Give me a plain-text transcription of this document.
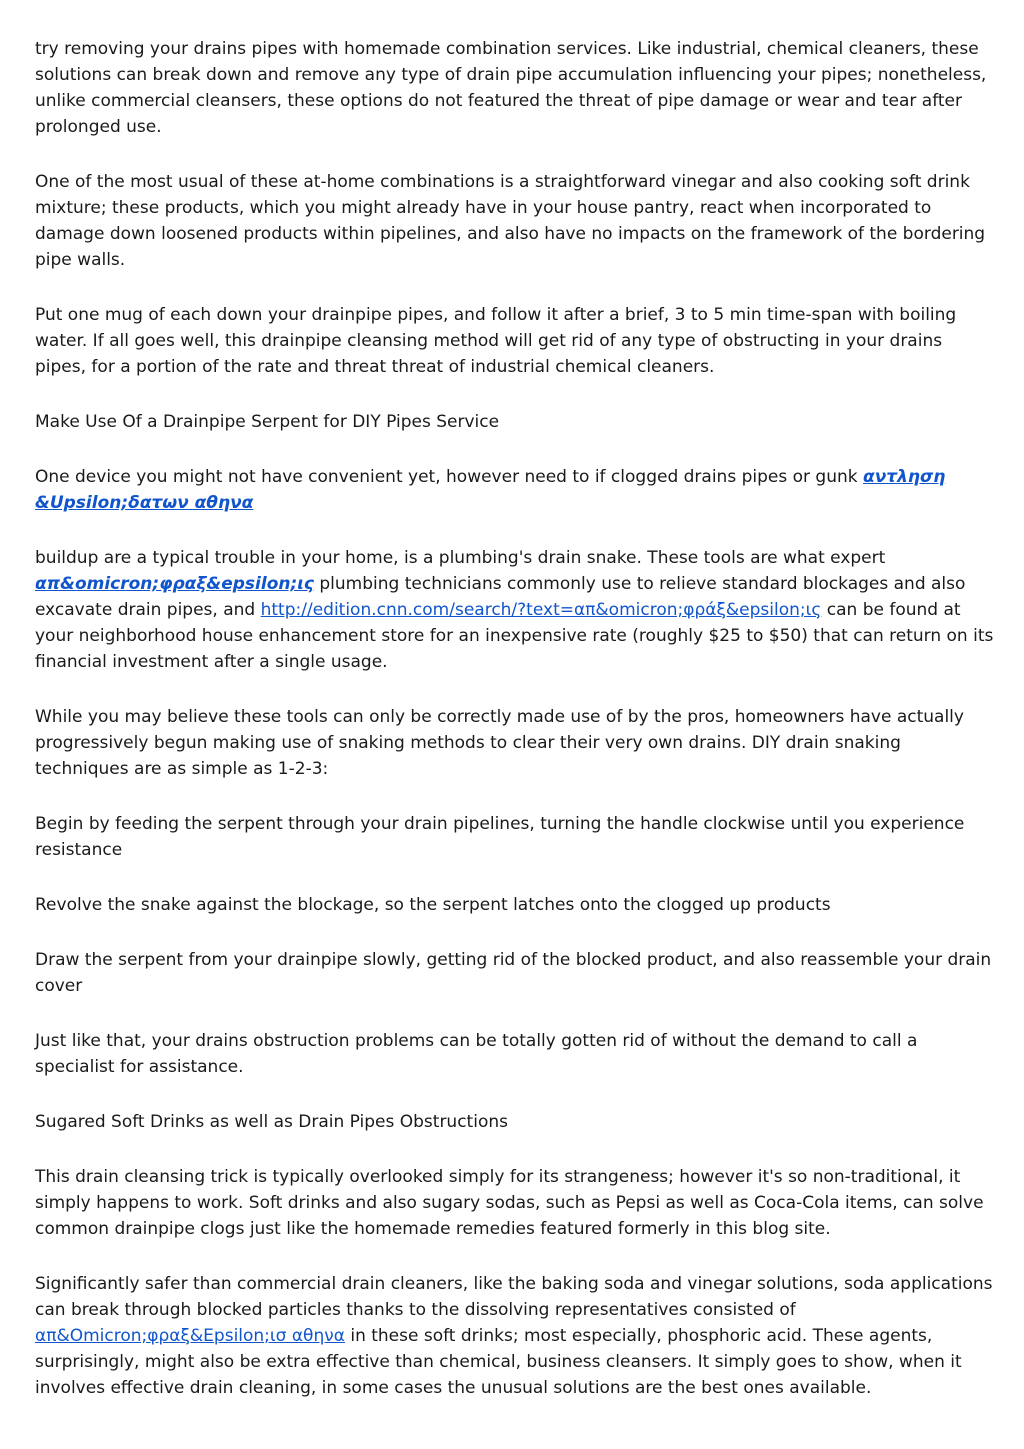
try removing your drains pipes with homemade combination services. Like industrial, chemical cleaners, these solutions can break down and remove any type of drain pipe accumulation influencing your pipes; nonetheless, unlike commercial cleansers, these options do not featured the threat of pipe damage or wear and tear after prolonged use.

One of the most usual of these at-home combinations is a straightforward vinegar and also cooking soft drink mixture; these products, which you might already have in your house pantry, react when incorporated to damage down loosened products within pipelines, and also have no impacts on the framework of the bordering pipe walls.

Put one mug of each down your drainpipe pipes, and follow it after a brief, 3 to 5 min time-span with boiling water. If all goes well, this drainpipe cleansing method will get rid of any type of obstructing in your drains pipes, for a portion of the rate and threat threat of industrial chemical cleaners.

Make Use Of a Drainpipe Serpent for DIY Pipes Service

One device you might not have convenient yet, however need to if clogged drains pipes or gunk αντληση &Upsilon;δατων αθηνα

buildup are a typical trouble in your home, is a plumbing's drain snake. These tools are what expert απ&omicron;φραξ&epsilon;ις plumbing technicians commonly use to relieve standard blockages and also excavate drain pipes, and http://edition.cnn.com/search/?text=απ&omicron;φράξ&epsilon;ις can be found at your neighborhood house enhancement store for an inexpensive rate (roughly $25 to $50) that can return on its financial investment after a single usage.

While you may believe these tools can only be correctly made use of by the pros, homeowners have actually progressively begun making use of snaking methods to clear their very own drains. DIY drain snaking techniques are as simple as 1-2-3:

Begin by feeding the serpent through your drain pipelines, turning the handle clockwise until you experience resistance

Revolve the snake against the blockage, so the serpent latches onto the clogged up products

Draw the serpent from your drainpipe slowly, getting rid of the blocked product, and also reassemble your drain cover

Just like that, your drains obstruction problems can be totally gotten rid of without the demand to call a specialist for assistance.

Sugared Soft Drinks as well as Drain Pipes Obstructions

This drain cleansing trick is typically overlooked simply for its strangeness; however it's so non-traditional, it simply happens to work. Soft drinks and also sugary sodas, such as Pepsi as well as Coca-Cola items, can solve common drainpipe clogs just like the homemade remedies featured formerly in this blog site.

Significantly safer than commercial drain cleaners, like the baking soda and vinegar solutions, soda applications can break through blocked particles thanks to the dissolving representatives consisted of απ&Omicron;φραξ&Epsilon;ισ αθηνα in these soft drinks; most especially, phosphoric acid. These agents, surprisingly, might also be extra effective than chemical, business cleansers. It simply goes to show, when it involves effective drain cleaning, in some cases the unusual solutions are the best ones available.
